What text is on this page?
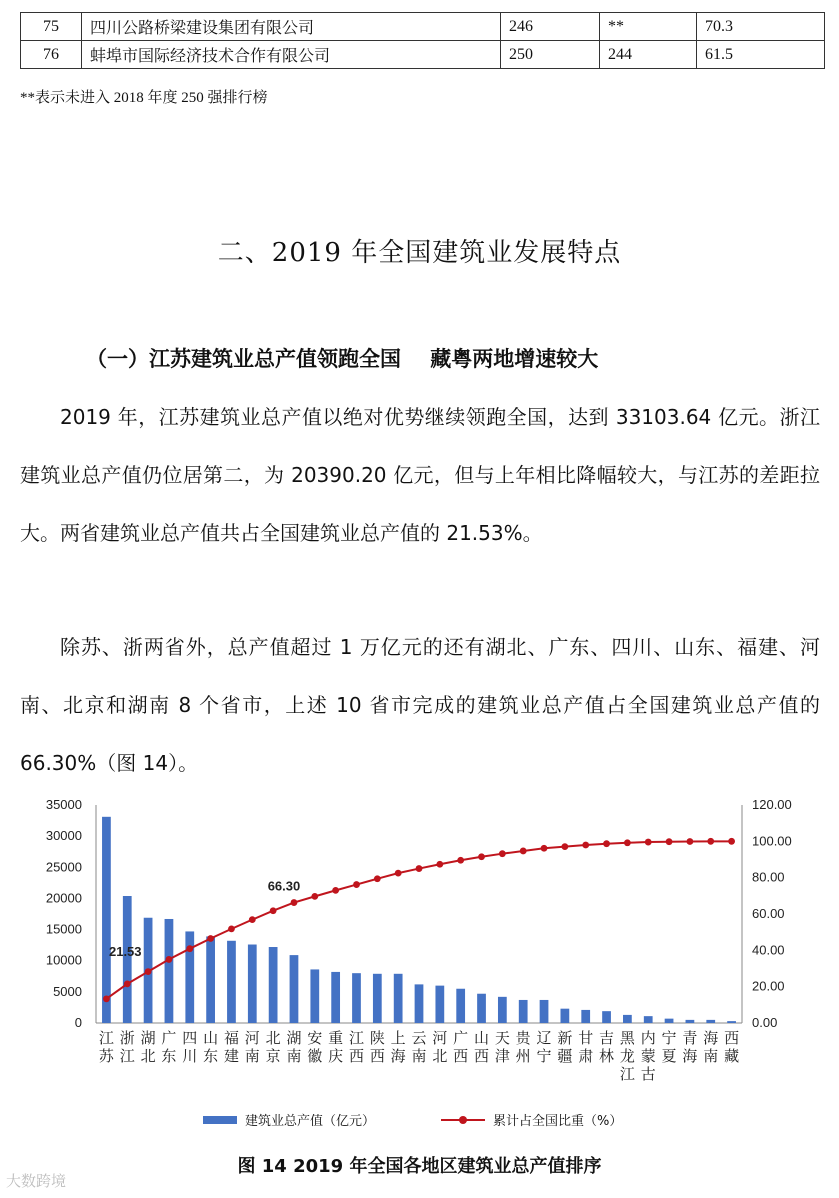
75	四川公路桥梁建设集团有限公司	246	**	70.3
76	蚌埠市国际经济技术合作有限公司	250	244	61.5
**表示未进入 2018 年度 250 强排行榜
二、2019 年全国建筑业发展特点
（一）江苏建筑业总产值领跑全国    藏粤两地增速较大

2019 年，江苏建筑业总产值以绝对优势继续领跑全国，达到 33103.64 亿元。浙江建筑业总产值仍位居第二，为 20390.20 亿元，但与上年相比降幅较大，与江苏的差距拉大。两省建筑业总产值共占全国建筑业总产值的 21.53%。

除苏、浙两省外，总产值超过 1 万亿元的还有湖北、广东、四川、山东、福建、河南、北京和湖南 8 个省市，上述 10 省市完成的建筑业总产值占全国建筑业总产值的 66.30%（图 14）。

0
5000
10000
15000
20000
25000
30000
35000
0.00
20.00
40.00
60.00
80.00
100.00
120.00
21.53
66.30
江苏
浙江
湖北
广东
四川
山东
福建
河南
北京
湖南
安徽
重庆
江西
陕西
上海
云南
河北
广西
山西
天津
贵州
辽宁
新疆
甘肃
吉林
黑龙江
内蒙古
宁夏
青海
海南
西藏
建筑业总产值（亿元）	累计占全国比重（%）
图 14 2019 年全国各地区建筑业总产值排序
大数跨境
